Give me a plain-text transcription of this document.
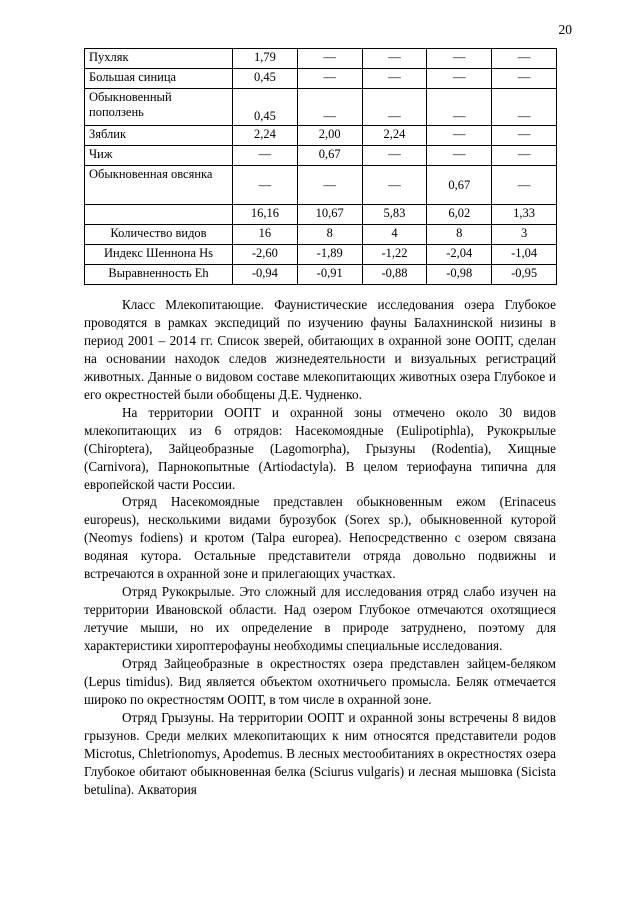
20
Пухляк	1,79	—	—	—	—
Большая синица	0,45	—	—	—	—
Обыкновенный поползень	0,45	—	—	—	—
Зяблик	2,24	2,00	2,24	—	—
Чиж	—	0,67	—	—	—
Обыкновенная овсянка	—	—	—	0,67	—
	16,16	10,67	5,83	6,02	1,33
Количество видов	16	8	4	8	3
Индекс Шеннона Hs	-2,60	-1,89	-1,22	-2,04	-1,04
Выравненность Eh	-0,94	-0,91	-0,88	-0,98	-0,95

Класс Млекопитающие. Фаунистические исследования озера Глубокое проводятся в рамках экспедиций по изучению фауны Балахнинской низины в период 2001 – 2014 гг. Список зверей, обитающих в охранной зоне ООПТ, сделан на основании находок следов жизнедеятельности и визуальных регистраций животных. Данные о видовом составе млекопитающих животных озера Глубокое и его окрестностей были обобщены Д.Е. Чудненко.

На территории ООПТ и охранной зоны отмечено около 30 видов млекопитающих из 6 отрядов: Насекомоядные (Eulipotiphla), Рукокрылые (Chiroptera), Зайцеобразные (Lagomorpha), Грызуны (Rodentia), Хищные (Carnivora), Парнокопытные (Artiodactyla). В целом териофауна типична для европейской части России.

Отряд Насекомоядные представлен обыкновенным ежом (Erinaceus europeus), несколькими видами бурозубок (Sorex sp.), обыкновенной куторой (Neomys fodiens) и кротом (Talpa europea). Непосредственно с озером связана водяная кутора. Остальные представители отряда довольно подвижны и встречаются в охранной зоне и прилегающих участках.

Отряд Рукокрылые. Это сложный для исследования отряд слабо изучен на территории Ивановской области. Над озером Глубокое отмечаются охотящиеся летучие мыши, но их определение в природе затруднено, поэтому для характеристики хироптерофауны необходимы специальные исследования.

Отряд Зайцеобразные в окрестностях озера представлен зайцем-беляком (Lepus timidus). Вид является объектом охотничьего промысла. Беляк отмечается широко по окрестностям ООПТ, в том числе в охранной зоне.

Отряд Грызуны. На территории ООПТ и охранной зоны встречены 8 видов грызунов. Среди мелких млекопитающих к ним относятся представители родов Microtus, Chletrionomys, Apodemus. В лесных местообитаниях в окрестностях озера Глубокое обитают обыкновенная белка (Sciurus vulgaris) и лесная мышовка (Sicista betulina). Акватория
